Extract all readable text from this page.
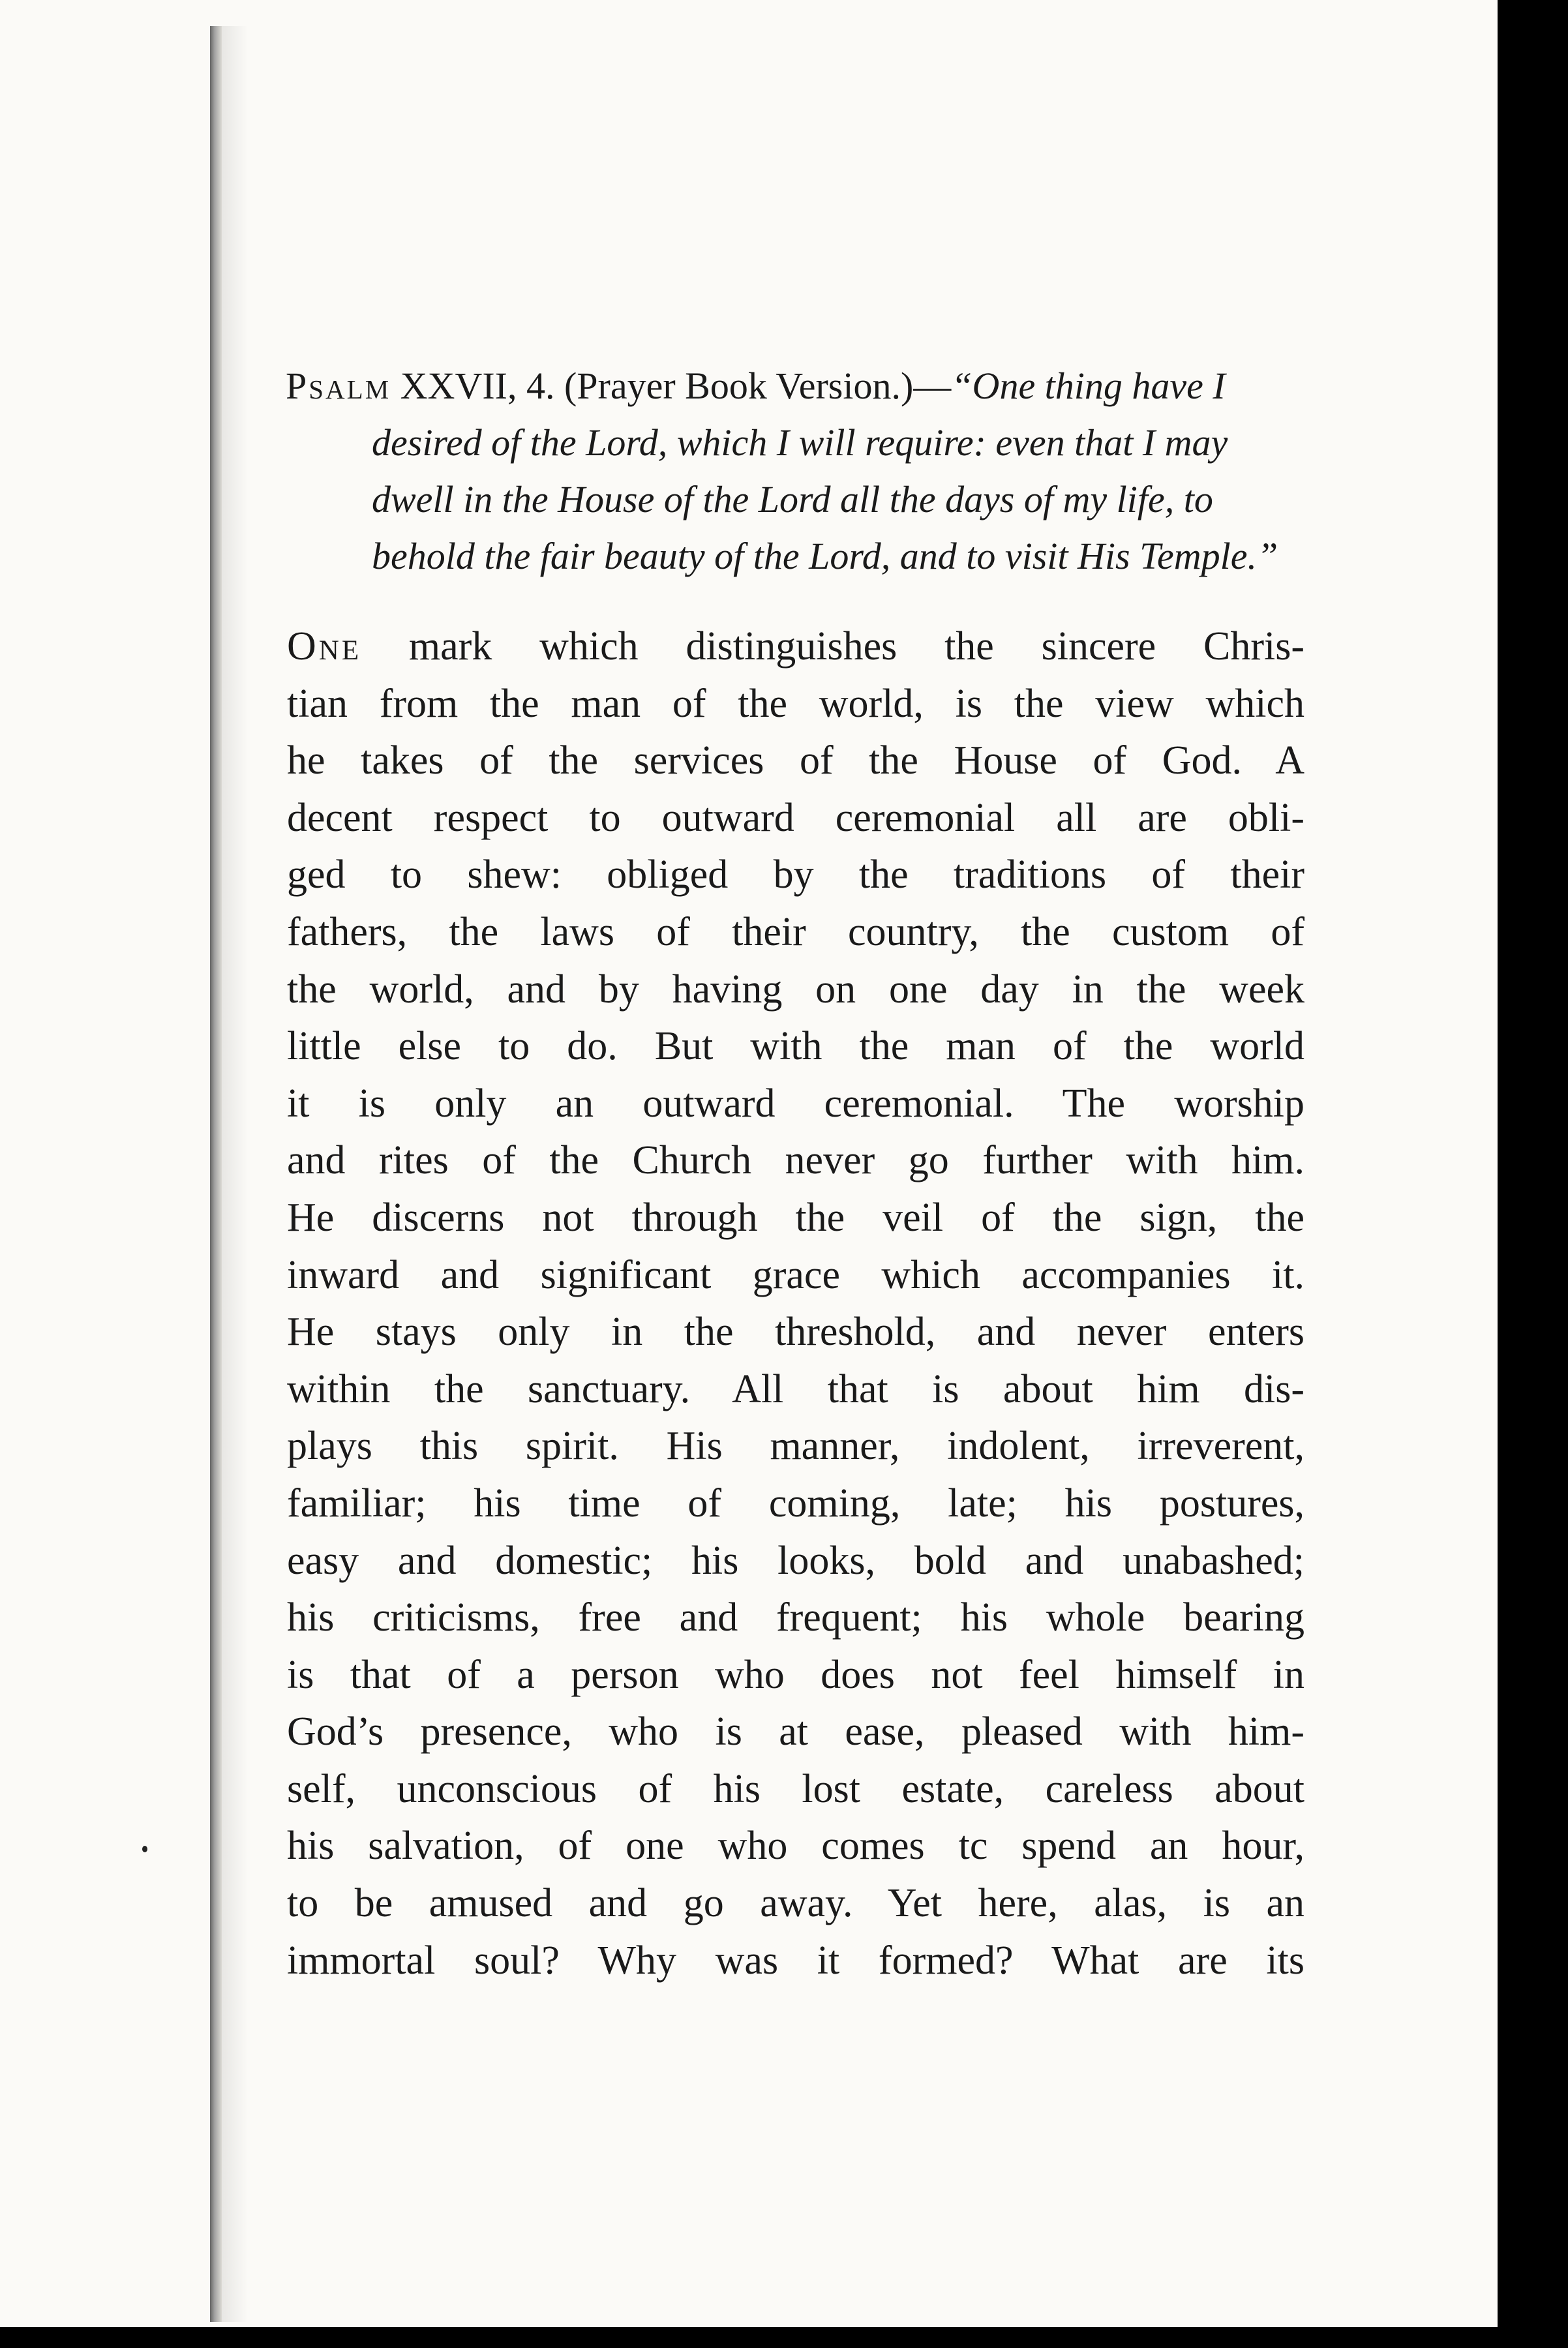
Psalm XXVII, 4. (Prayer Book Version.)—“One thing have I desired of the Lord, which I will require: even that I may dwell in the House of the Lord all the days of my life, to behold the fair beauty of the Lord, and to visit His Temple.”

One mark which distinguishes the sincere Chris-
tian from the man of the world, is the view which
he takes of the services of the House of God. A
decent respect to outward ceremonial all are obli-
ged to shew: obliged by the traditions of their
fathers, the laws of their country, the custom of
the world, and by having on one day in the week
little else to do. But with the man of the world
it is only an outward ceremonial. The worship
and rites of the Church never go further with him.
He discerns not through the veil of the sign, the
inward and significant grace which accompanies it.
He stays only in the threshold, and never enters
within the sanctuary. All that is about him dis-
plays this spirit. His manner, indolent, irreverent,
familiar; his time of coming, late; his postures,
easy and domestic; his looks, bold and unabashed;
his criticisms, free and frequent; his whole bearing
is that of a person who does not feel himself in
God’s presence, who is at ease, pleased with him-
self, unconscious of his lost estate, careless about
his salvation, of one who comes tc spend an hour,
to be amused and go away. Yet here, alas, is an
immortal soul? Why was it formed? What are its
